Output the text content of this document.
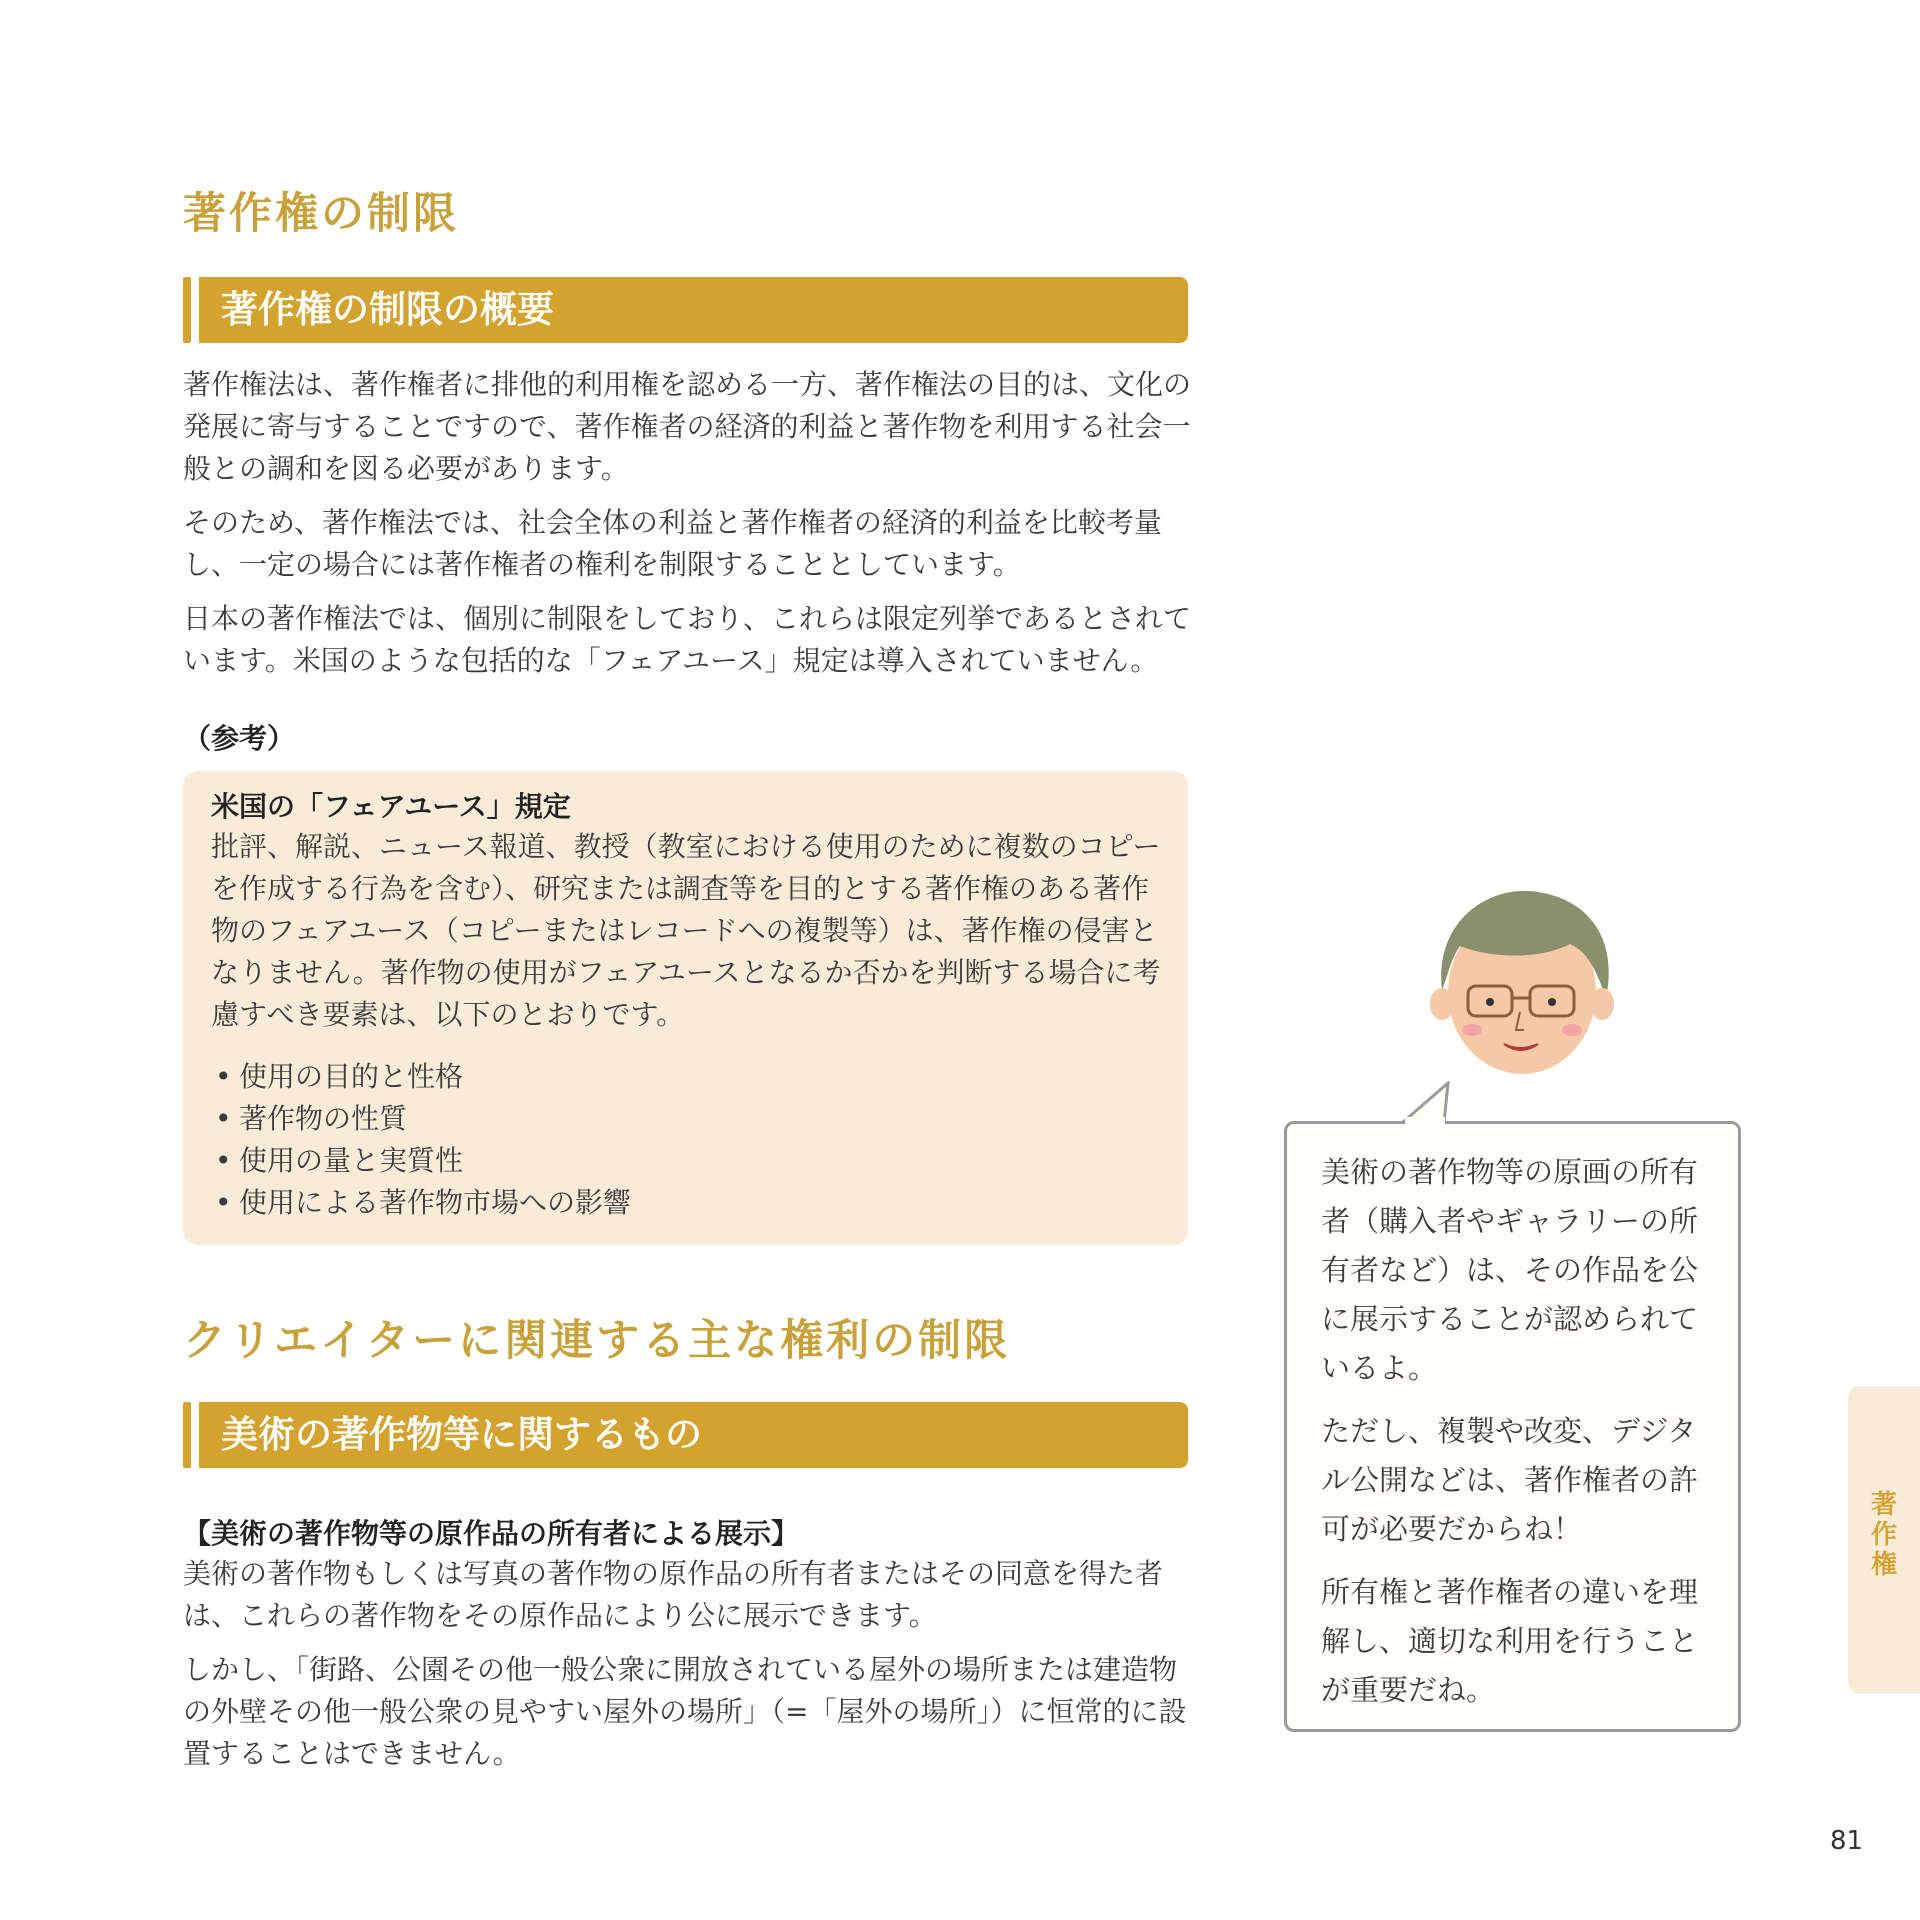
著作権の制限
著作権の制限の概要

著作権法は、著作権者に排他的利用権を認める一方、著作権法の目的は、文化の発展に寄与することですので、著作権者の経済的利益と著作物を利用する社会一般との調和を図る必要があります。

そのため、著作権法では、社会全体の利益と著作権者の経済的利益を比較考量し、一定の場合には著作権者の権利を制限することとしています。

日本の著作権法では、個別に制限をしており、これらは限定列挙であるとされています。米国のような包括的な「フェアユース」規定は導入されていません。

（参考）
米国の「フェアユース」規定

批評、解説、ニュース報道、教授（教室における使用のために複数のコピーを作成する行為を含む）、研究または調査等を目的とする著作権のある著作物のフェアユース（コピーまたはレコードへの複製等）は、著作権の侵害となりません。著作物の使用がフェアユースとなるか否かを判断する場合に考慮すべき要素は、以下のとおりです。

• 使用の目的と性格
• 著作物の性質
• 使用の量と実質性
• 使用による著作物市場への影響
クリエイターに関連する主な権利の制限
美術の著作物等に関するもの
【美術の著作物等の原作品の所有者による展示】

美術の著作物もしくは写真の著作物の原作品の所有者またはその同意を得た者は、これらの著作物をその原作品により公に展示できます。

しかし、「街路、公園その他一般公衆に開放されている屋外の場所または建造物の外壁その他一般公衆の見やすい屋外の場所」（=「屋外の場所」）に恒常的に設置することはできません。

美術の著作物等の原画の所有者（購入者やギャラリーの所有者など）は、その作品を公に展示することが認められているよ。

ただし、複製や改変、デジタル公開などは、著作権者の許可が必要だからね！

所有権と著作権者の違いを理解し、適切な利用を行うことが重要だね。

著
作
権
81
